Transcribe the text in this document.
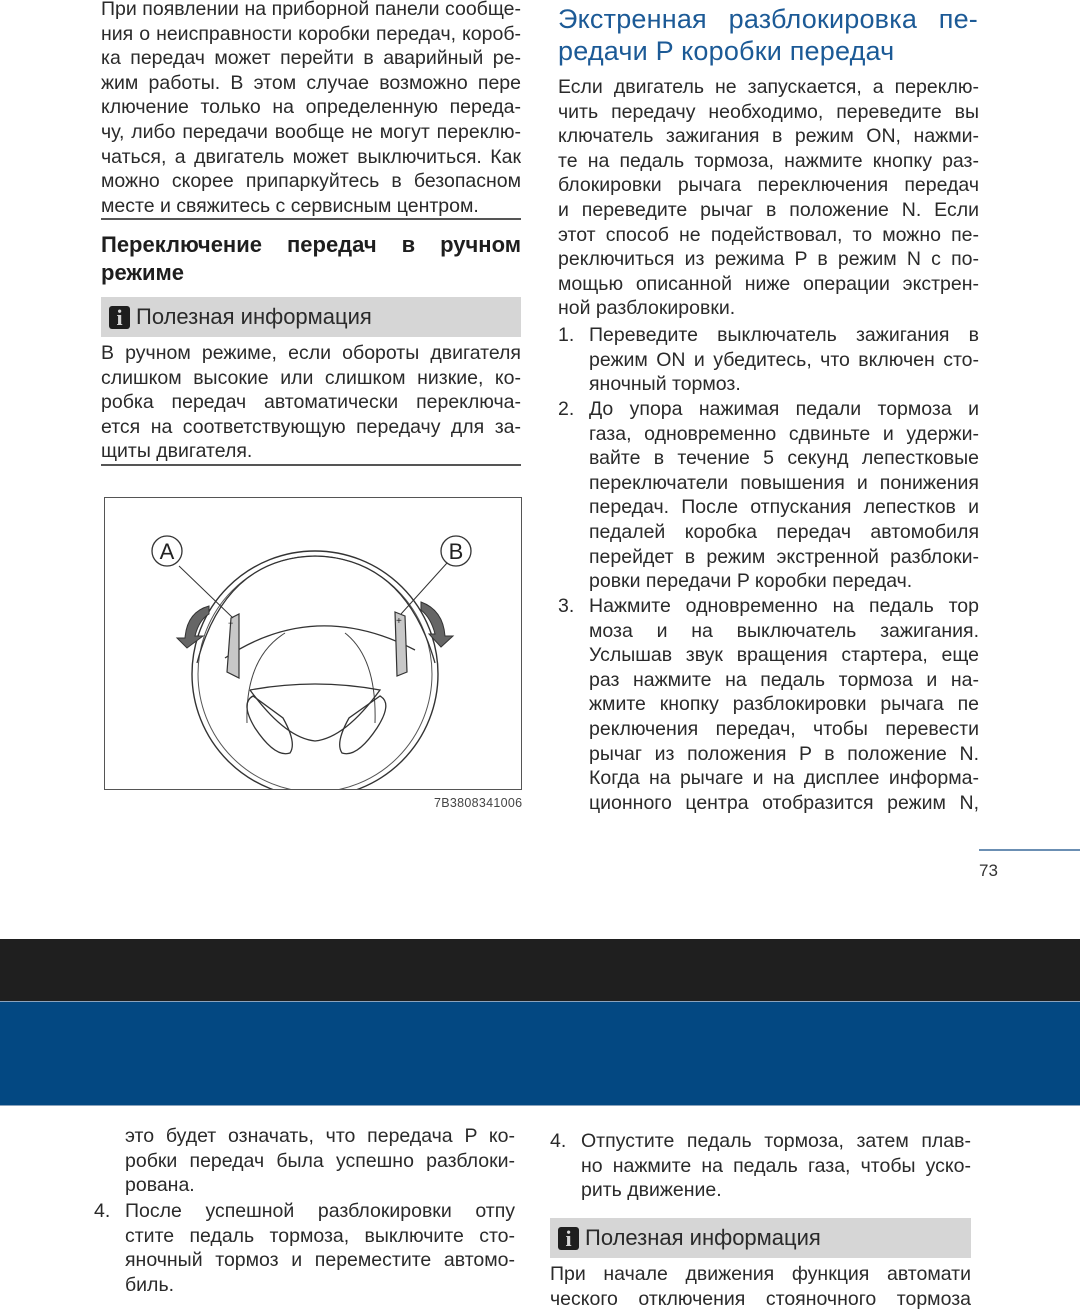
При появлении на приборной панели сообще-
ния о неисправности коробки передач, короб-
ка передач может перейти в аварийный ре-
жим работы. В этом случае возможно пере
ключение только на определенную переда-
чу, либо передачи вообще не могут переклю-
чаться, а двигатель может выключиться. Как
можно скорее припаркуйтесь в безопасном
месте и свяжитесь с сервисным центром.
Переключение передач в ручном
режиме
i Полезная информация
В ручном режиме, если обороты двигателя
слишком высокие или слишком низкие, ко-
робка передач автоматически переключа-
ется на соответствующую передачу для за-
щиты двигателя.
−	+
A	B
7B3808341006
Экстренная разблокировка пе-
редачи P коробки передач
Если двигатель не запускается, а переклю-
чить передачу необходимо, переведите вы
ключатель зажигания в режим ON, нажми-
те на педаль тормоза, нажмите кнопку раз-
блокировки рычага переключения передач
и переведите рычаг в положение N. Если
этот способ не подействовал, то можно пе-
реключиться из режима P в режим N с по-
мощью описанной ниже операции экстрен-
ной разблокировки.
1. Переведите выключатель зажигания в
режим ON и убедитесь, что включен сто-
яночный тормоз.
2. До упора нажимая педали тормоза и
газа, одновременно сдвиньте и удержи-
вайте в течение 5 секунд лепестковые
переключатели повышения и понижения
передач. После отпускания лепестков и
педалей коробка передач автомобиля
перейдет в режим экстренной разблоки-
ровки передачи P коробки передач.
3. Нажмите одновременно на педаль тор
моза и на выключатель зажигания.
Услышав звук вращения стартера, еще
раз нажмите на педаль тормоза и на-
жмите кнопку разблокировки рычага пе
реключения передач, чтобы перевести
рычаг из положения P в положение N.
Когда на рычаге и на дисплее информа-
ционного центра отобразится режим N,
73
это будет означать, что передача P ко-
робки передач была успешно разблоки-
рована.
4. После успешной разблокировки отпу
стите педаль тормоза, выключите сто-
яночный тормоз и переместите автомо-
биль.
4. Отпустите педаль тормоза, затем плав-
но нажмите на педаль газа, чтобы уско-
рить движение.
i Полезная информация
При начале движения функция автомати
ческого отключения стояночного тормоза
